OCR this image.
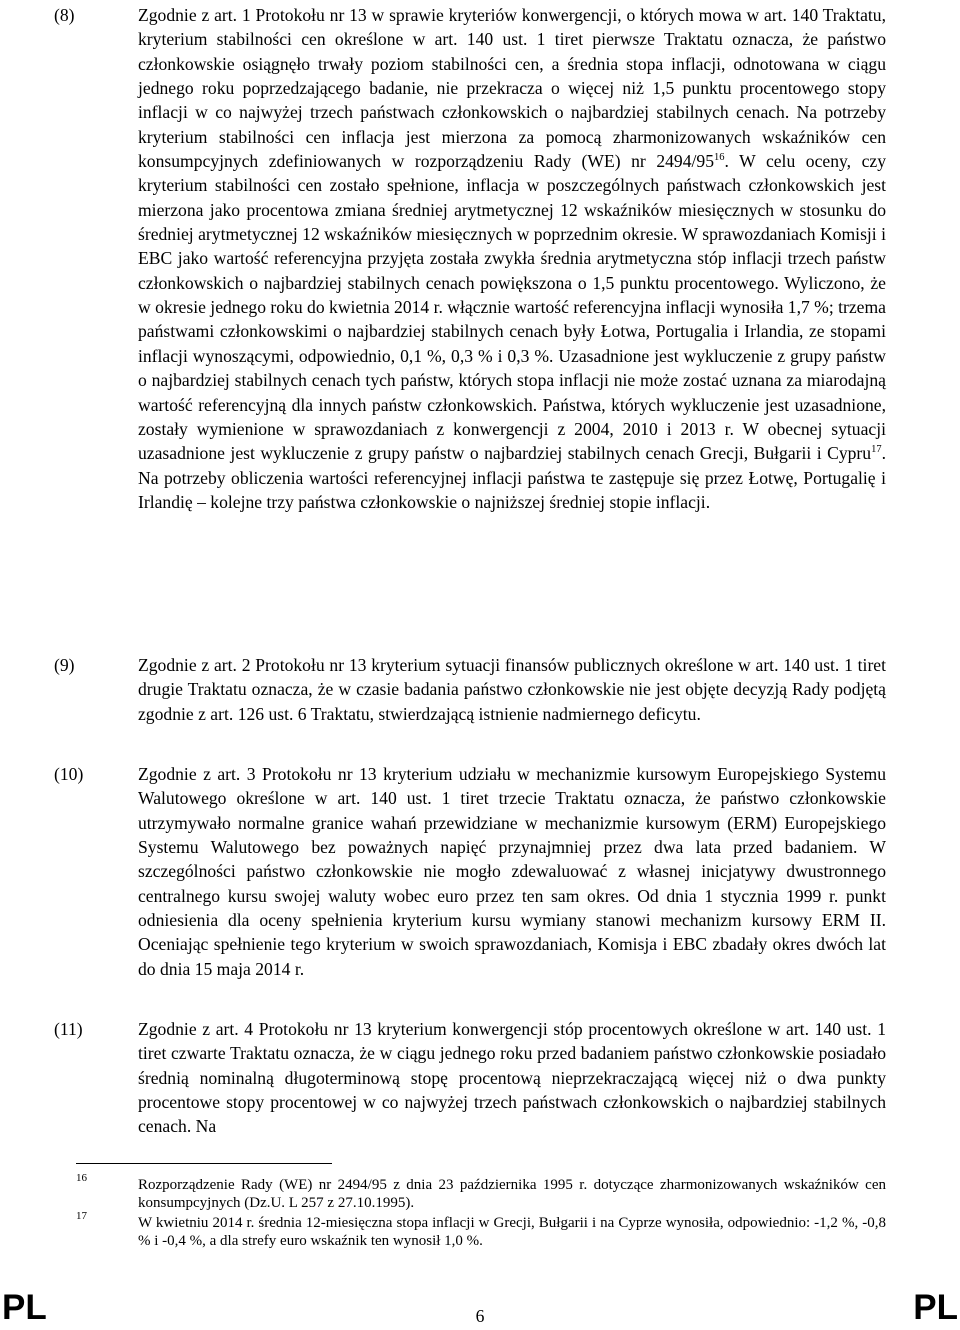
(8)	Zgodnie z art. 1 Protokołu nr 13 w sprawie kryteriów konwergencji, o których mowa w art. 140 Traktatu, kryterium stabilności cen określone w art. 140 ust. 1 tiret pierwsze Traktatu oznacza, że państwo członkowskie osiągnęło trwały poziom stabilności cen, a średnia stopa inflacji, odnotowana w ciągu jednego roku poprzedzającego badanie, nie przekracza o więcej niż 1,5 punktu procentowego stopy inflacji w co najwyżej trzech państwach członkowskich o najbardziej stabilnych cenach. Na potrzeby kryterium stabilności cen inflacja jest mierzona za pomocą zharmonizowanych wskaźników cen konsumpcyjnych zdefiniowanych w rozporządzeniu Rady (WE) nr $2494/95^{16}$. W celu oceny, czy kryterium stabilności cen zostało spełnione, inflacja w poszczególnych państwach członkowskich jest mierzona jako procentowa zmiana średniej arytmetycznej 12 wskaźników miesięcznych w stosunku do średniej arytmetycznej 12 wskaźników miesięcznych w poprzednim okresie. W sprawozdaniach Komisji i EBC jako wartość referencyjna przyjęta została zwykła średnia arytmetyczna stóp inflacji trzech państw członkowskich o najbardziej stabilnych cenach powiększona o 1,5 punktu procentowego. Wyliczono, że w okresie jednego roku do kwietnia 2014 r. włącznie wartość referencyjna inflacji wynosiła 1,7 %; trzema państwami członkowskimi o najbardziej stabilnych cenach były Łotwa, Portugalia i Irlandia, ze stopami inflacji wynoszącymi, odpowiednio, 0,1 %, 0,3 % i 0,3 %. Uzasadnione jest wykluczenie z grupy państw o najbardziej stabilnych cenach tych państw, których stopa inflacji nie może zostać uznana za miarodajną wartość referencyjną dla innych państw członkowskich. Państwa, których wykluczenie jest uzasadnione, zostały wymienione w sprawozdaniach z konwergencji z 2004, 2010 i 2013 r. W obecnej sytuacji uzasadnione jest wykluczenie z grupy państw o najbardziej stabilnych cenach Grecji, Bułgarii i Cypru$^{17}$. Na potrzeby obliczenia wartości referencyjnej inflacji państwa te zastępuje się przez Łotwę, Portugalię i Irlandię – kolejne trzy państwa członkowskie o najniższej średniej stopie inflacji.
(9)	Zgodnie z art. 2 Protokołu nr 13 kryterium sytuacji finansów publicznych określone w art. 140 ust. 1 tiret drugie Traktatu oznacza, że w czasie badania państwo członkowskie nie jest objęte decyzją Rady podjętą zgodnie z art. 126 ust. 6 Traktatu, stwierdzającą istnienie nadmiernego deficytu.
(10)	Zgodnie z art. 3 Protokołu nr 13 kryterium udziału w mechanizmie kursowym Europejskiego Systemu Walutowego określone w art. 140 ust. 1 tiret trzecie Traktatu oznacza, że państwo członkowskie utrzymywało normalne granice wahań przewidziane w mechanizmie kursowym (ERM) Europejskiego Systemu Walutowego bez poważnych napięć przynajmniej przez dwa lata przed badaniem. W szczególności państwo członkowskie nie mogło zdewaluować z własnej inicjatywy dwustronnego centralnego kursu swojej waluty wobec euro przez ten sam okres. Od dnia 1 stycznia 1999 r. punkt odniesienia dla oceny spełnienia kryterium kursu wymiany stanowi mechanizm kursowy ERM II. Oceniając spełnienie tego kryterium w swoich sprawozdaniach, Komisja i EBC zbadały okres dwóch lat do dnia 15 maja 2014 r.
(11)	Zgodnie z art. 4 Protokołu nr 13 kryterium konwergencji stóp procentowych określone w art. 140 ust. 1 tiret czwarte Traktatu oznacza, że w ciągu jednego roku przed badaniem państwo członkowskie posiadało średnią nominalną długoterminową stopę procentową nieprzekraczającą więcej niż o dwa punkty procentowe stopy procentowej w co najwyżej trzech państwach członkowskich o najbardziej stabilnych cenach. Na
16	Rozporządzenie Rady (WE) nr 2494/95 z dnia 23 października 1995 r. dotyczące zharmonizowanych wskaźników cen konsumpcyjnych (Dz.U. L 257 z 27.10.1995).
17	W kwietniu 2014 r. średnia 12-miesięczna stopa inflacji w Grecji, Bułgarii i na Cyprze wynosiła, odpowiednio: -1,2 %, -0,8 % i -0,4 %, a dla strefy euro wskaźnik ten wynosił 1,0 %.
PL	6	PL
